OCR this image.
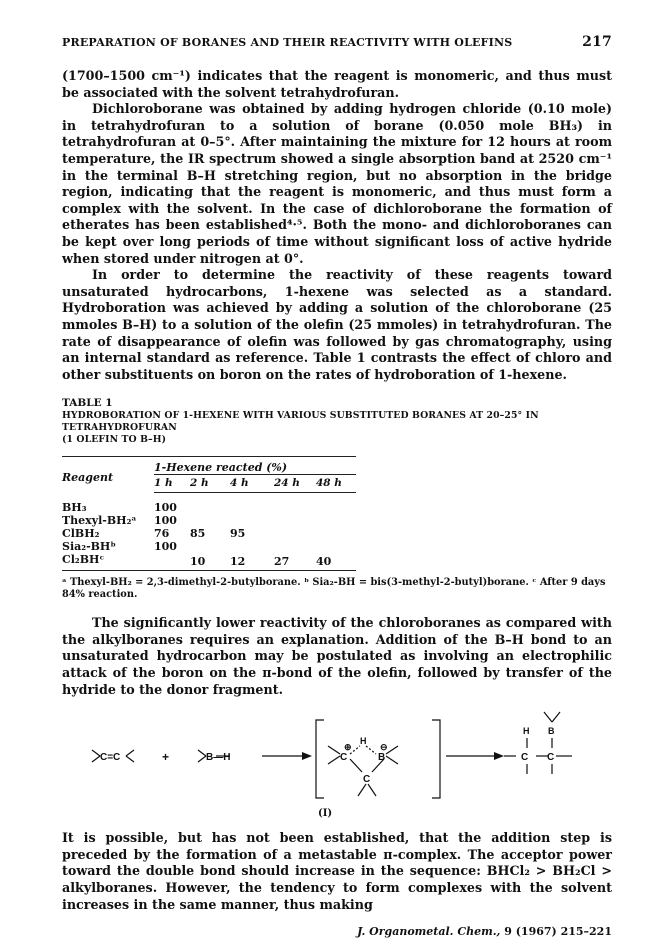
PREPARATION OF BORANES AND THEIR REACTIVITY WITH OLEFINS	217

(1700–1500 cm⁻¹) indicates that the reagent is monomeric, and thus must be associated with the solvent tetrahydrofuran.

Dichloroborane was obtained by adding hydrogen chloride (0.10 mole) in tetrahydrofuran to a solution of borane (0.050 mole BH₃) in tetrahydrofuran at 0–5°. After maintaining the mixture for 12 hours at room temperature, the IR spectrum showed a single absorption band at 2520 cm⁻¹ in the terminal B–H stretching region, but no absorption in the bridge region, indicating that the reagent is monomeric, and thus must form a complex with the solvent. In the case of dichloroborane the formation of etherates has been established⁴·⁵. Both the mono- and dichloroboranes can be kept over long periods of time without significant loss of active hydride when stored under nitrogen at 0°.

In order to determine the reactivity of these reagents toward unsaturated hydrocarbons, 1-hexene was selected as a standard. Hydroboration was achieved by adding a solution of the chloroborane (25 mmoles B–H) to a solution of the olefin (25 mmoles) in tetrahydrofuran. The rate of disappearance of olefin was followed by gas chromatography, using an internal standard as reference. Table 1 contrasts the effect of chloro and other substituents on boron on the rates of hydroboration of 1-hexene.

TABLE 1
HYDROBORATION OF 1-HEXENE WITH VARIOUS SUBSTITUTED BORANES AT 20–25° IN TETRAHYDROFURAN
(1 OLEFIN TO B–H)
Reagent	1-Hexene reacted (%)				
	1 h	2 h	4 h	24 h	48 h
BH₃	100				
Thexyl-BH₂ᵃ	100				
ClBH₂	76	85	95		
Sia₂-BHᵇ	100				
Cl₂BHᶜ		10	12	27	40
ᵃ Thexyl-BH₂ = 2,3-dimethyl-2-butylborane. ᵇ Sia₂-BH = bis(3-methyl-2-butyl)borane. ᶜ After 9 days 84% reaction.

The significantly lower reactivity of the chloroboranes as compared with the alkylboranes requires an explanation. Addition of the B–H bond to an unsaturated hydrocarbon may be postulated as involving an electrophilic attack of the boron on the π-bond of the olefin, followed by transfer of the hydride to the donor fragment.

C=C	+	B—H	C
⊕
H
B
⊖
C
C C
H B
(I)

It is possible, but has not been established, that the addition step is preceded by the formation of a metastable π-complex. The acceptor power toward the double bond should increase in the sequence: BHCl₂ > BH₂Cl > alkylboranes. However, the tendency to form complexes with the solvent increases in the same manner, thus making

J. Organometal. Chem., 9 (1967) 215–221
